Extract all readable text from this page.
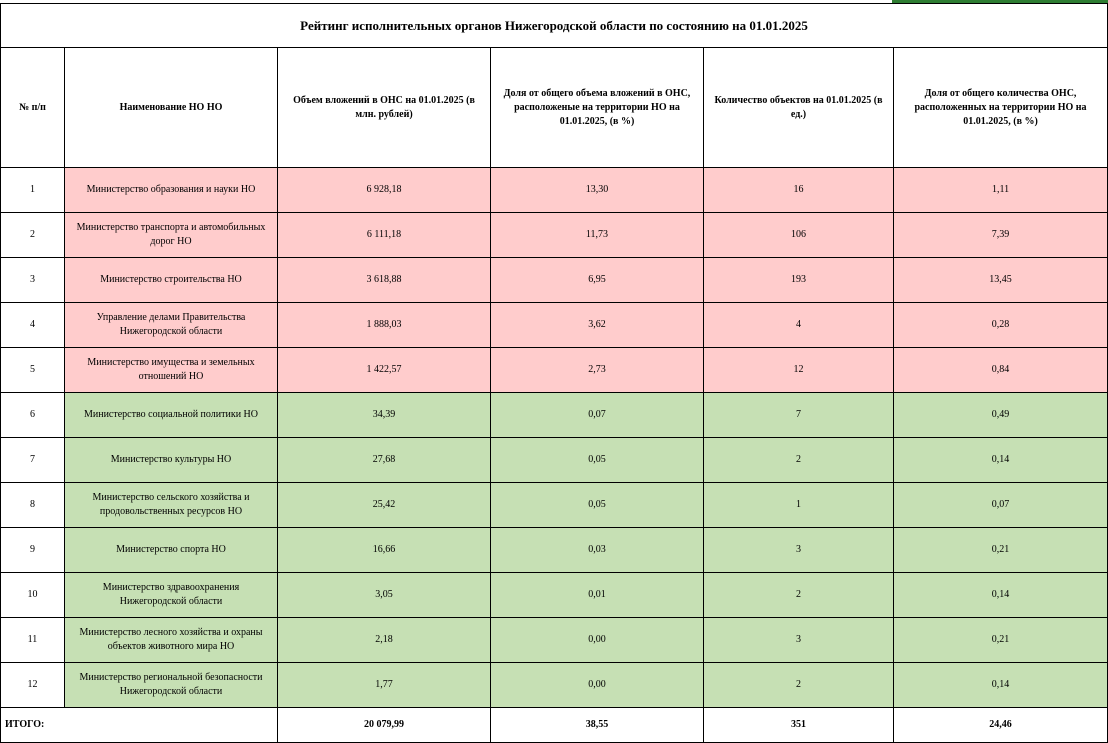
Рейтинг исполнительных органов Нижегородской области по состоянию на 01.01.2025					
№ п/п	Наименование НО НО	Объем вложений в ОНС на 01.01.2025 (в млн. рублей)	Доля от общего объема вложений в ОНС, расположеные на территории НО на 01.01.2025, (в %)	Количество объектов на 01.01.2025 (в ед.)	Доля от общего количества ОНС, расположенных на территории НО на 01.01.2025, (в %)
1	Министерство образования и науки НО	6 928,18	13,30	16	1,11
2	Министерство транспорта и автомобильных дорог НО	6 111,18	11,73	106	7,39
3	Министерство строительства НО	3 618,88	6,95	193	13,45
4	Управление делами Правительства Нижегородской области	1 888,03	3,62	4	0,28
5	Министерство имущества и земельных отношений НО	1 422,57	2,73	12	0,84
6	Министерство социальной политики НО	34,39	0,07	7	0,49
7	Министерство культуры НО	27,68	0,05	2	0,14
8	Министерство сельского хозяйства и продовольственных ресурсов НО	25,42	0,05	1	0,07
9	Министерство спорта НО	16,66	0,03	3	0,21
10	Министерство здравоохранения Нижегородской области	3,05	0,01	2	0,14
11	Министерство лесного хозяйства и охраны объектов животного мира НО	2,18	0,00	3	0,21
12	Министерство региональной безопасности Нижегородской области	1,77	0,00	2	0,14
ИТОГО:		20 079,99	38,55	351	24,46
